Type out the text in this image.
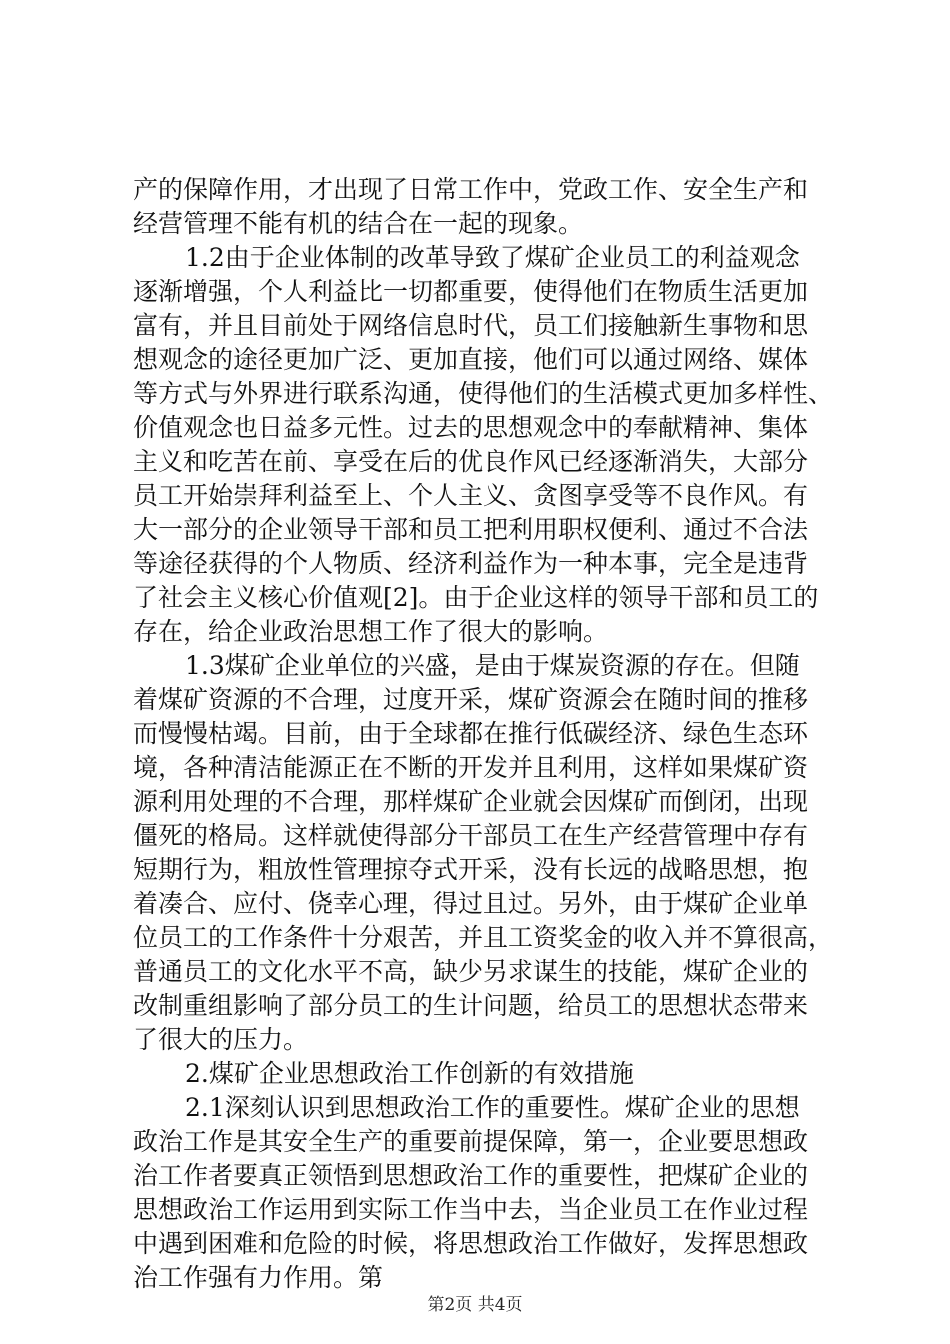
产的保障作用，才出现了日常工作中，党政工作、安全生产和
经营管理不能有机的结合在一起的现象。
1.2由于企业体制的改革导致了煤矿企业员工的利益观念
逐渐增强，个人利益比一切都重要，使得他们在物质生活更加
富有，并且目前处于网络信息时代，员工们接触新生事物和思
想观念的途径更加广泛、更加直接，他们可以通过网络、媒体
等方式与外界进行联系沟通，使得他们的生活模式更加多样性、
价值观念也日益多元性。过去的思想观念中的奉献精神、集体
主义和吃苦在前、享受在后的优良作风已经逐渐消失，大部分
员工开始崇拜利益至上、个人主义、贪图享受等不良作风。有
大一部分的企业领导干部和员工把利用职权便利、通过不合法
等途径获得的个人物质、经济利益作为一种本事，完全是违背
了社会主义核心价值观[2]。由于企业这样的领导干部和员工的
存在，给企业政治思想工作了很大的影响。
1.3煤矿企业单位的兴盛，是由于煤炭资源的存在。但随
着煤矿资源的不合理，过度开采，煤矿资源会在随时间的推移
而慢慢枯竭。目前，由于全球都在推行低碳经济、绿色生态环
境，各种清洁能源正在不断的开发并且利用，这样如果煤矿资
源利用处理的不合理，那样煤矿企业就会因煤矿而倒闭，出现
僵死的格局。这样就使得部分干部员工在生产经营管理中存有
短期行为，粗放性管理掠夺式开采，没有长远的战略思想，抱
着凑合、应付、侥幸心理，得过且过。另外，由于煤矿企业单
位员工的工作条件十分艰苦，并且工资奖金的收入并不算很高，
普通员工的文化水平不高，缺少另求谋生的技能，煤矿企业的
改制重组影响了部分员工的生计问题，给员工的思想状态带来
了很大的压力。
2.煤矿企业思想政治工作创新的有效措施
2.1深刻认识到思想政治工作的重要性。煤矿企业的思想
政治工作是其安全生产的重要前提保障，第一，企业要思想政
治工作者要真正领悟到思想政治工作的重要性，把煤矿企业的
思想政治工作运用到实际工作当中去，当企业员工在作业过程
中遇到困难和危险的时候，将思想政治工作做好，发挥思想政
治工作强有力作用。第
第2页 共4页
